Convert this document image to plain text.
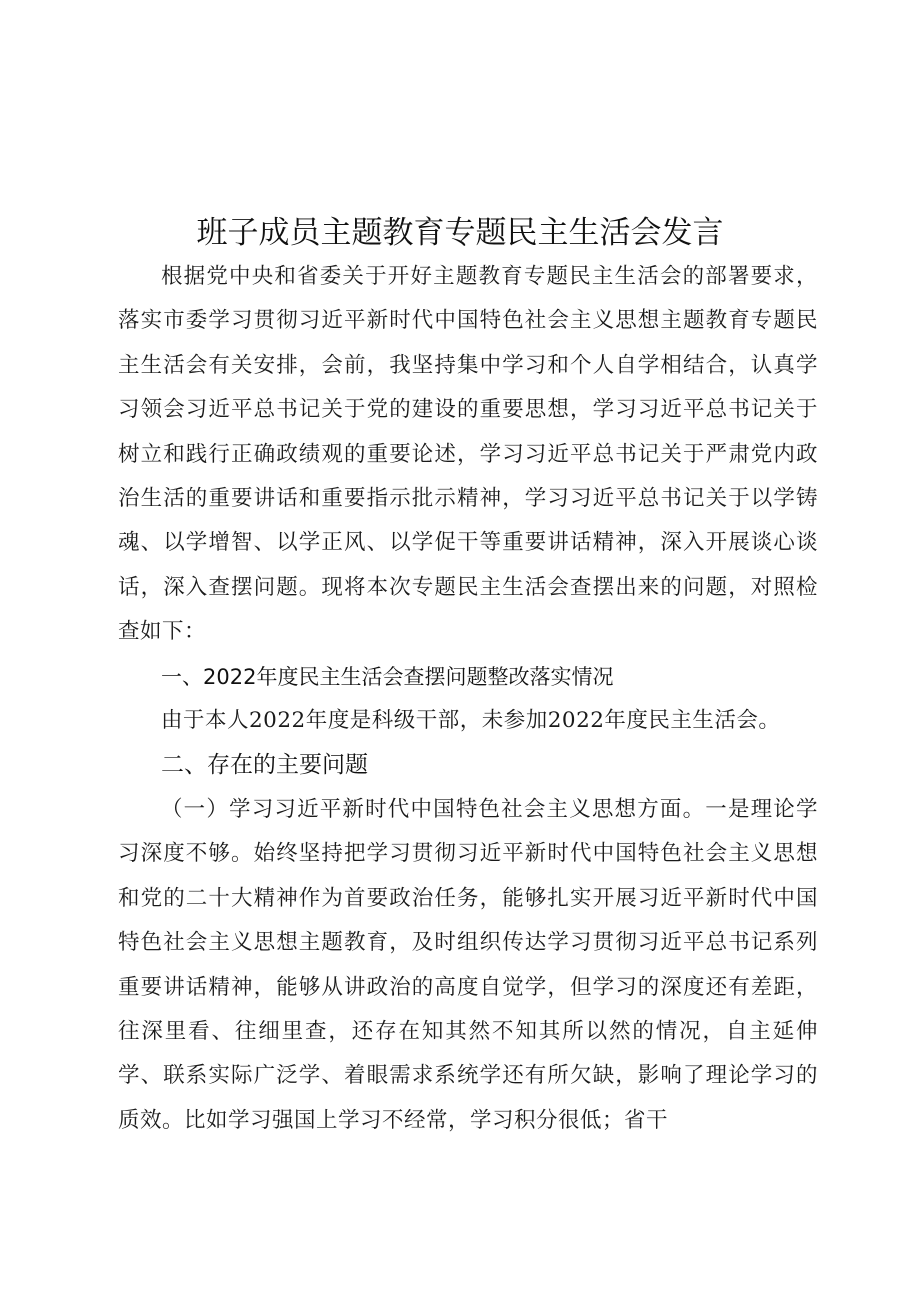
班子成员主题教育专题民主生活会发言

根据党中央和省委关于开好主题教育专题民主生活会的部署要求，落实市委学习贯彻习近平新时代中国特色社会主义思想主题教育专题民主生活会有关安排，会前，我坚持集中学习和个人自学相结合，认真学习领会习近平总书记关于党的建设的重要思想，学习习近平总书记关于树立和践行正确政绩观的重要论述，学习习近平总书记关于严肃党内政治生活的重要讲话和重要指示批示精神，学习习近平总书记关于以学铸魂、以学增智、以学正风、以学促干等重要讲话精神，深入开展谈心谈话，深入查摆问题。现将本次专题民主生活会查摆出来的问题，对照检查如下：

一、2022年度民主生活会查摆问题整改落实情况

由于本人2022年度是科级干部，未参加2022年度民主生活会。

二、存在的主要问题

（一）学习习近平新时代中国特色社会主义思想方面。一是理论学习深度不够。始终坚持把学习贯彻习近平新时代中国特色社会主义思想和党的二十大精神作为首要政治任务，能够扎实开展习近平新时代中国特色社会主义思想主题教育，及时组织传达学习贯彻习近平总书记系列重要讲话精神，能够从讲政治的高度自觉学，但学习的深度还有差距，往深里看、往细里查，还存在知其然不知其所以然的情况，自主延伸学、联系实际广泛学、着眼需求系统学还有所欠缺，影响了理论学习的质效。比如学习强国上学习不经常，学习积分很低；省干
